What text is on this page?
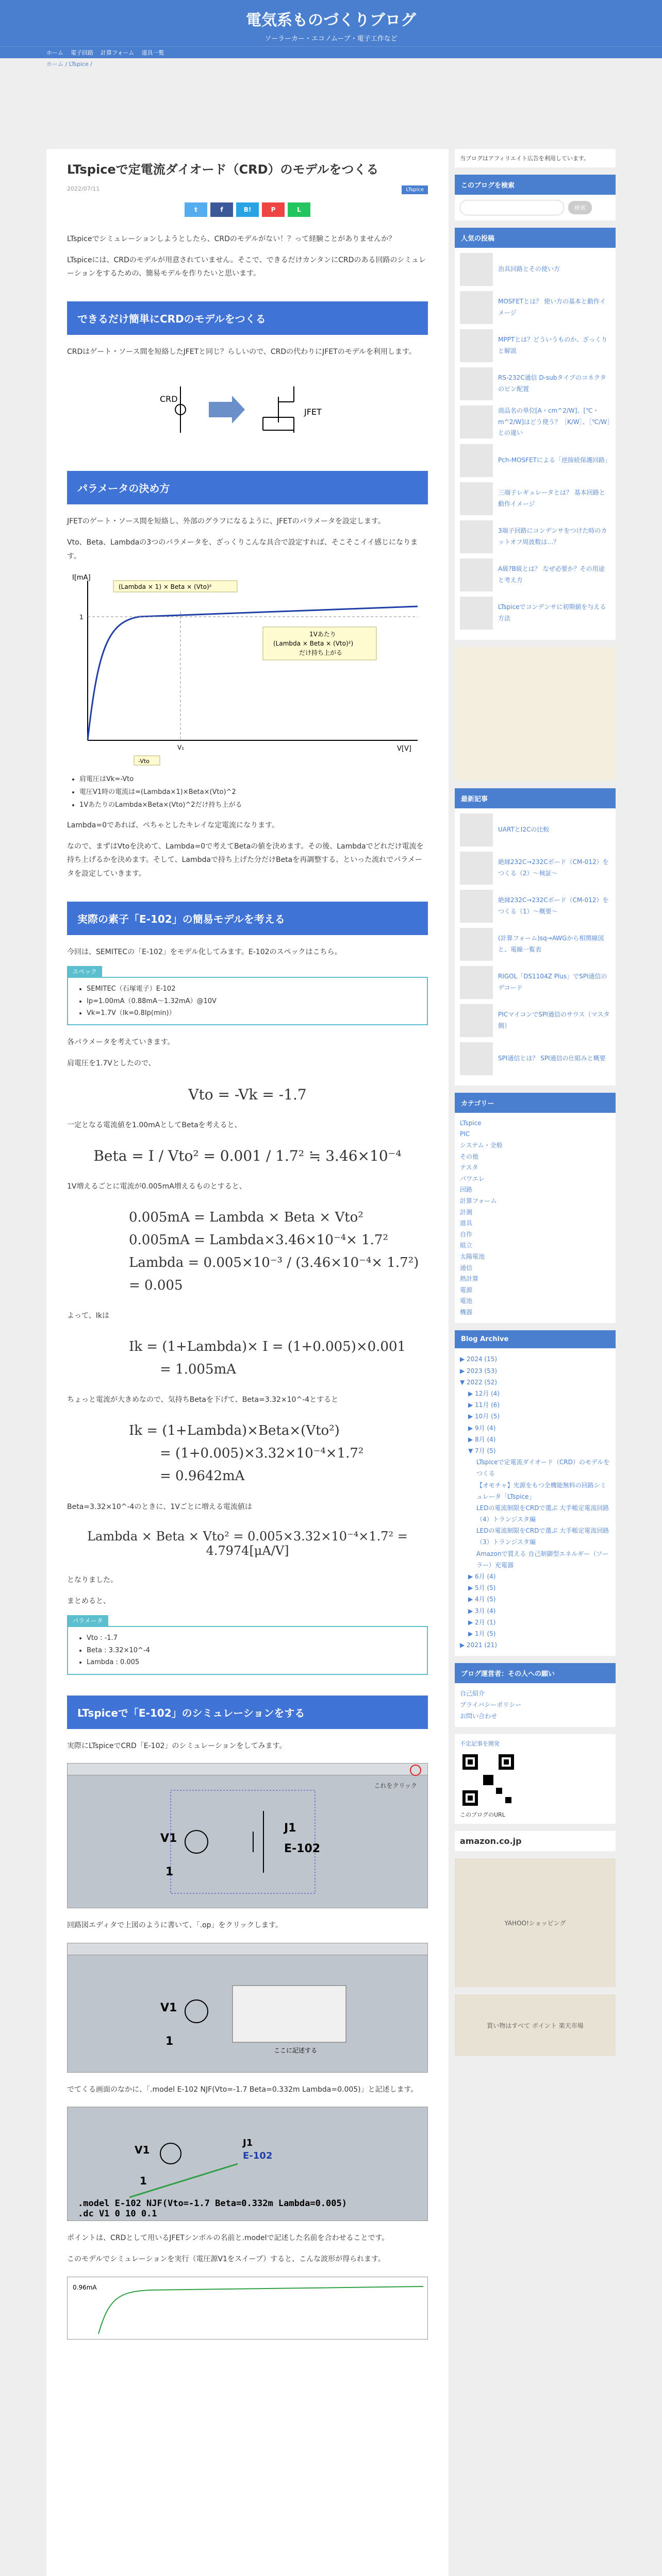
電気系ものづくりブログ
ソーラーカー・エコノムーブ・電子工作など
ホーム 電子回路 計算フォーム 道具一覧
ホーム / LTspice /
LTspiceで定電流ダイオード（CRD）のモデルをつくる
2022/07/11	LTspice
t	f	B!	P	L

LTspiceでシミュレーションしようとしたら、CRDのモデルがない！？って経験ことがありませんか？

LTspiceには、CRDのモデルが用意されていません。そこで、できるだけカンタンにCRDのある回路のシミュレーションをするための、簡易モデルを作りたいと思います。

できるだけ簡単にCRDのモデルをつくる

CRDはゲート・ソース間を短絡したJFETと同じ？らしいので、CRDの代わりにJFETのモデルを利用します。

CRD
JFET
パラメータの決め方

JFETのゲート・ソース間を短絡し、外部のグラフになるように、JFETのパラメータを設定します。

Vto、Beta、Lambdaの3つのパラメータを、ざっくりこんな具合で設定すれば、そこそこイイ感じになります。

I[mA]
V[V]
1
V₁
-Vto
(Lambda × 1) × Beta × (Vto)²
1Vあたり
(Lambda × Beta × (Vto)²)
だけ持ち上がる
• 肩電圧はVk=-Vto
• 電圧V1時の電流は=(Lambda×1)×Beta×(Vto)^2
• 1VあたりのLambda×Beta×(Vto)^2だけ持ち上がる

Lambda=0であれば、ぺちゃとしたキレイな定電流になります。

なので、まずはVtoを決めて、Lambda=0で考えてBetaの値を決めます。その後、Lambdaでどれだけ電流を持ち上げるかを決めます。そして、Lambdaで持ち上げた分だけBetaを再調整する、といった流れでパラメータを設定していきます。

実際の素子「E-102」の簡易モデルを考える

今回は、SEMITECの「E-102」をモデル化してみます。E-102のスペックはこちら。

スペック
• SEMITEC（石塚電子）E-102
• Ip=1.00mA（0.88mA〜1.32mA）@10V
• Vk=1.7V（Ik=0.8Ip(min)）

各パラメータを考えていきます。

肩電圧を1.7Vとしたので、

Vto = -Vk = -1.7

一定となる電流値を1.00mAとしてBetaを考えると、

Beta = I / Vto² = 0.001 / 1.7² ≒ 3.46×10⁻⁴

1V増えるごとに電流が0.005mA増えるものとすると、

0.005mA = Lambda × Beta × Vto²
0.005mA = Lambda×3.46×10⁻⁴× 1.7²
Lambda = 0.005×10⁻³ / (3.46×10⁻⁴× 1.7²) = 0.005

よって、Ikは

Ik = (1+Lambda)× I = (1+0.005)×0.001
= 1.005mA

ちょっと電流が大きめなので、気持ちBetaを下げて、Beta=3.32×10^-4とすると

Ik = (1+Lambda)×Beta×(Vto²)
= (1+0.005)×3.32×10⁻⁴×1.7²
= 0.9642mA

Beta=3.32×10^-4のときに、1Vごとに増える電流値は

Lambda × Beta × Vto² = 0.005×3.32×10⁻⁴×1.7² = 4.7974[μA/V]

となりました。

まとめると、

パラメータ
• Vto : -1.7
• Beta : 3.32×10^-4
• Lambda : 0.005
LTspiceで「E-102」のシミュレーションをする

実際にLTspiceでCRD「E-102」のシミュレーションをしてみます。

これをクリック
V1
1
J1
E-102

回路図エディタで上図のように書いて、「.op」をクリックします。

V1
1
ここに記述する

でてくる画面のなかに、「.model E-102 NJF(Vto=-1.7 Beta=0.332m Lambda=0.005)」と記述します。

V1
1
J1
E-102
.model E-102 NJF(Vto=-1.7 Beta=0.332m Lambda=0.005)
.dc V1 0 10 0.1

ポイントは、CRDとして用いるJFETシンボルの名前と.modelで記述した名前を合わせることです。

このモデルでシミュレーションを実行（電圧源V1をスイープ）すると、こんな波形が得られます。

0.96mA
当ブログはアフィリエイト広告を利用しています。
このブログを検索
検索
人気の投稿
治具回路とその使い方
MOSFETとは？ 使い方の基本と動作イメージ
MPPTとは？どういうものか、ざっくりと解説
RS-232C通信 D-subタイプのコネクタのピン配置
商品名の単位[A・cm^2/W]、[℃・m^2/W]はどう使う？［K/W］、［℃/W］との違い
Pch-MOSFETによる「逆接続保護回路」
三端子レギュレータとは？ 基本回路と動作イメージ
3端子回路にコンデンサをつけた時のカットオフ周波数は…？
A級?B級とは？ なぜ必要か？その用途と考え方
LTspiceでコンデンサに初期値を与える方法
最新記事
UARTとI2Cの比較
絶縁232C→232Cボード（CM-012）をつくる（2）〜検証〜
絶縁232C→232Cボード（CM-012）をつくる（1）〜概要〜
(計算フォーム)sq→AWGから相関線図と、電線一覧表
RIGOL「DS1104Z Plus」でSPI通信のデコード
PICマイコンでSPI通信のサウス（マスタ側）
SPI通信とは？ SPI通信の仕組みと概要
カテゴリー
LTspice
PIC
システム・全般
その他
テスタ
パワエレ
回路
計算フォーム
計測
道具
自作
組立
太陽電池
通信
熱計算
電源
電池
機器
Blog Archive
▶ 2024 (15)
▶ 2023 (53)
▼ 2022 (52)
▶ 12月 (4)
▶ 11月 (6)
▶ 10月 (5)
▶ 9月 (4)
▶ 8月 (4)
▼ 7月 (5)
LTspiceで定電流ダイオード（CRD）のモデルをつくる
【オモチャ】光源をもつ全機能無料の回路シミュレータ「LTspice」
LEDの電流制限をCRDで選ぶ 大手帳定電流回路（4）トランジスタ編
LEDの電流制限をCRDで選ぶ 大手帳定電流回路（3）トランジスタ編
Amazonで買える 自己制御型エネルギー（ソーラー）充電器
▶ 6月 (4)
▶ 5月 (5)
▶ 4月 (5)
▶ 3月 (4)
▶ 2月 (1)
▶ 1月 (5)
▶ 2021 (21)
ブログ運営者：その人への願い
自己紹介
プライバシーポリシー
お問い合わせ
不定記事を開発
このブログのURL
amazon.co.jp
YAHOO!ショッピング
買い物はすべて ポイント 楽天市場
